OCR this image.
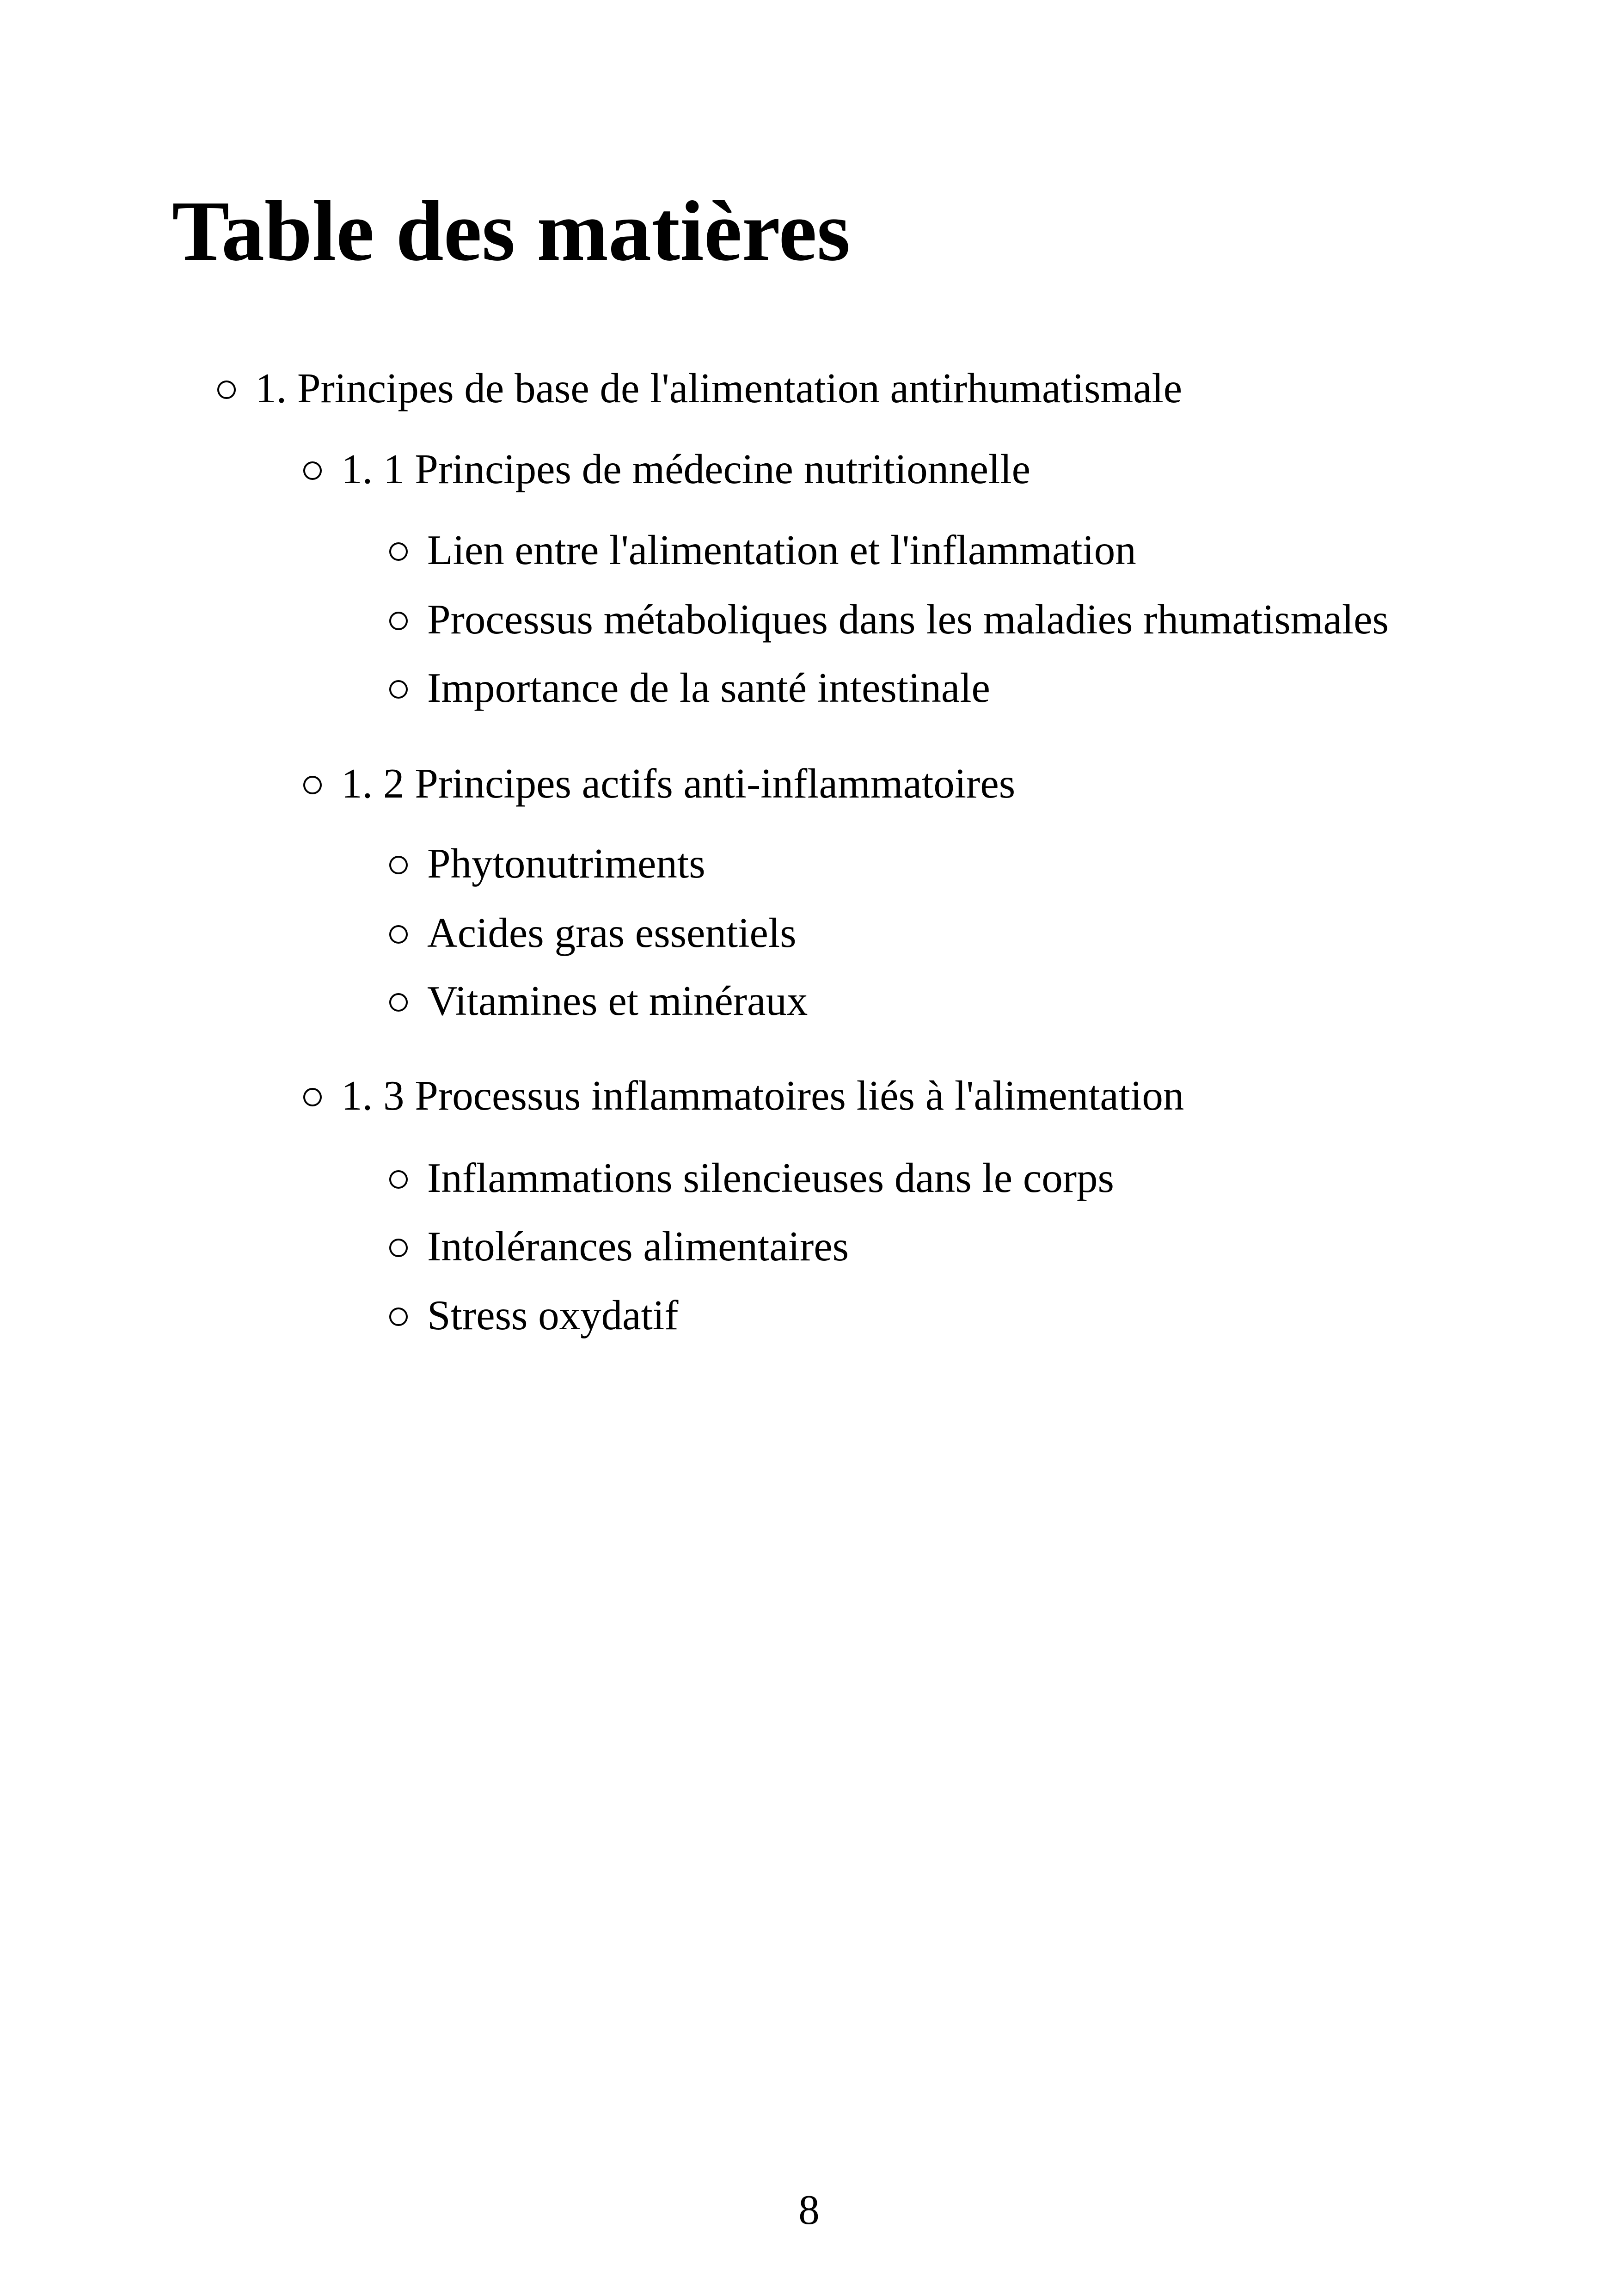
Table des matières
1. Principes de base de l'alimentation antirhumatismale
1. 1 Principes de médecine nutritionnelle
Lien entre l'alimentation et l'inflammation
Processus métaboliques dans les maladies rhumatismales
Importance de la santé intestinale
1. 2 Principes actifs anti-inflammatoires
Phytonutriments
Acides gras essentiels
Vitamines et minéraux
1. 3 Processus inflammatoires liés à l'alimentation
Inflammations silencieuses dans le corps
Intolérances alimentaires
Stress oxydatif
8
